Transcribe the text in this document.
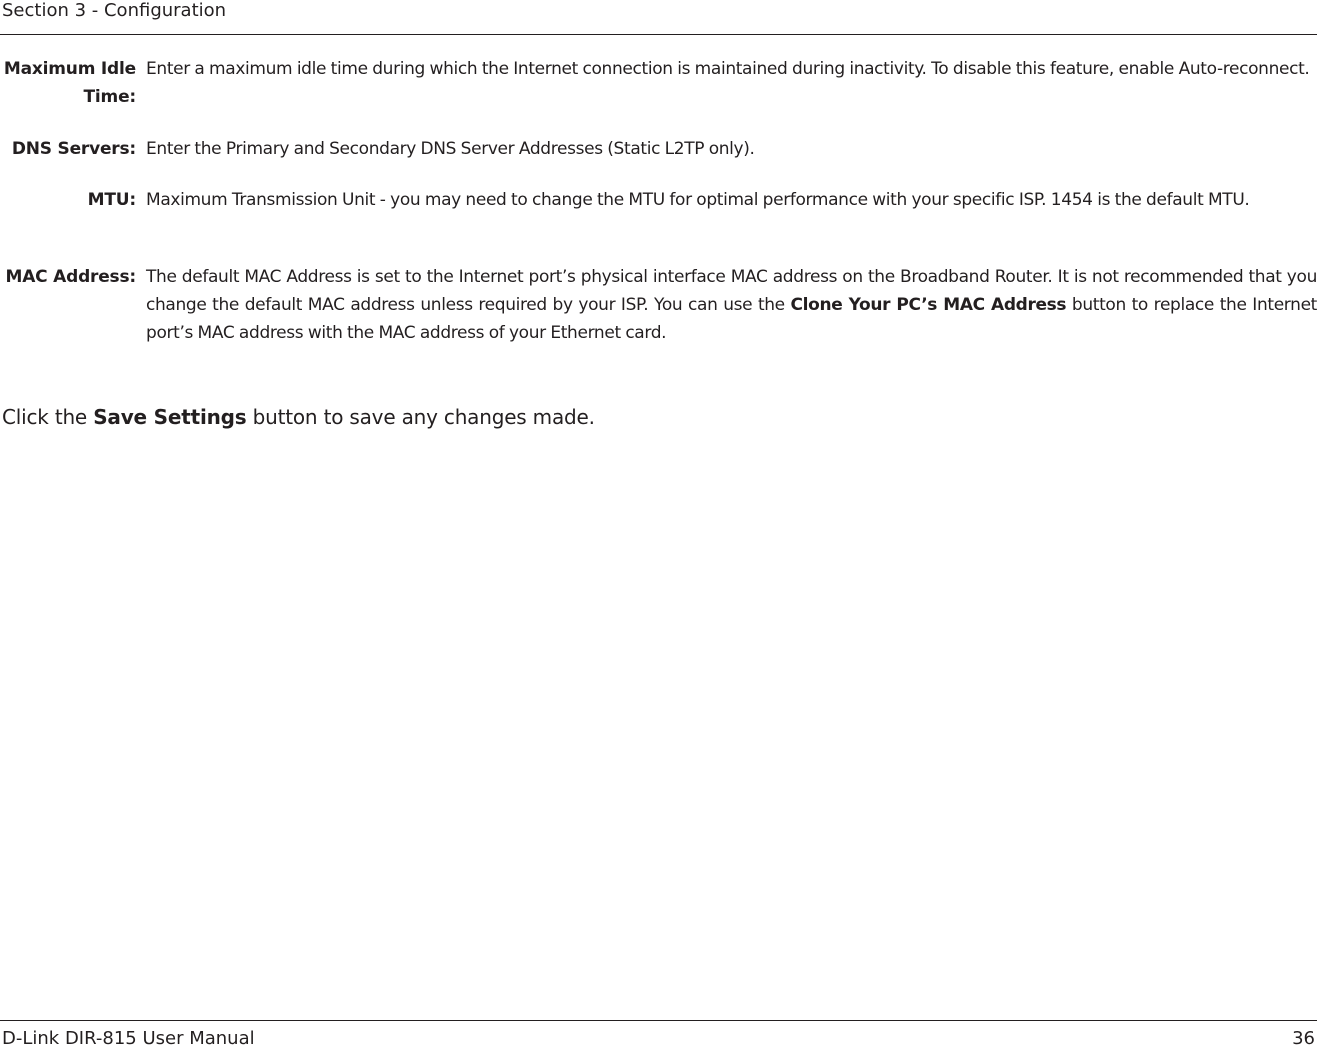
Section 3 - Configuration
Maximum Idle Time:
Enter a maximum idle time during which the Internet connection is maintained during inactivity. To disable this feature, enable Auto-reconnect.
DNS Servers: Enter the Primary and Secondary DNS Server Addresses (Static L2TP only).
MTU: Maximum Transmission Unit - you may need to change the MTU for optimal performance with your specific ISP. 1454 is the default MTU.
MAC Address: The default MAC Address is set to the Internet port’s physical interface MAC address on the Broadband Router. It is not recommended that you change the default MAC address unless required by your ISP. You can use the Clone Your PC’s MAC Address button to replace the Internet port’s MAC address with the MAC address of your Ethernet card.
Click the Save Settings button to save any changes made.
D-Link DIR-815 User Manual	36
